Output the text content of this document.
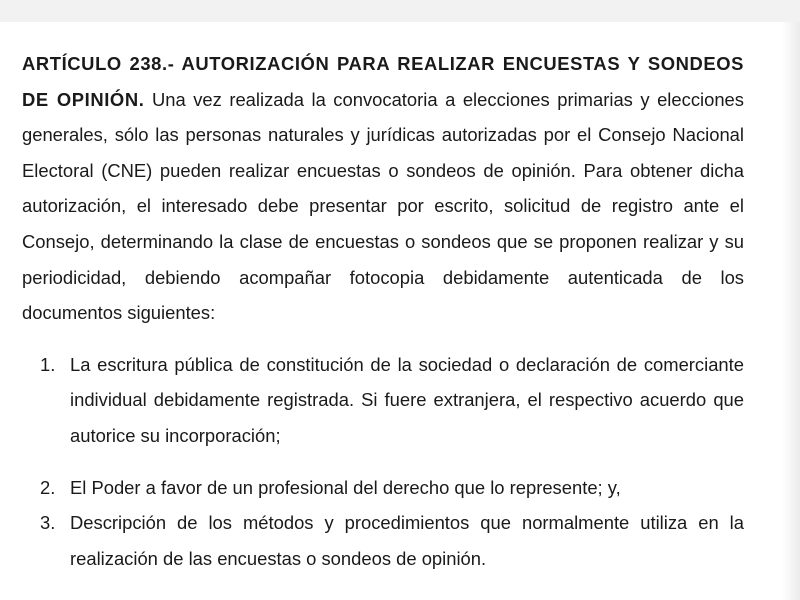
ARTÍCULO 238.- AUTORIZACIÓN PARA REALIZAR ENCUESTAS Y SONDEOS DE OPINIÓN. Una vez realizada la convocatoria a elecciones primarias y elecciones generales, sólo las personas naturales y jurídicas autorizadas por el Consejo Nacional Electoral (CNE) pueden realizar encuestas o sondeos de opinión. Para obtener dicha autorización, el interesado debe presentar por escrito, solicitud de registro ante el Consejo, determinando la clase de encuestas o sondeos que se proponen realizar y su periodicidad, debiendo acompañar fotocopia debidamente autenticada de los documentos siguientes:

1. La escritura pública de constitución de la sociedad o declaración de comerciante individual debidamente registrada. Si fuere extranjera, el respectivo acuerdo que autorice su incorporación;
2. El Poder a favor de un profesional del derecho que lo represente; y,
3. Descripción de los métodos y procedimientos que normalmente utiliza en la realización de las encuestas o sondeos de opinión.
